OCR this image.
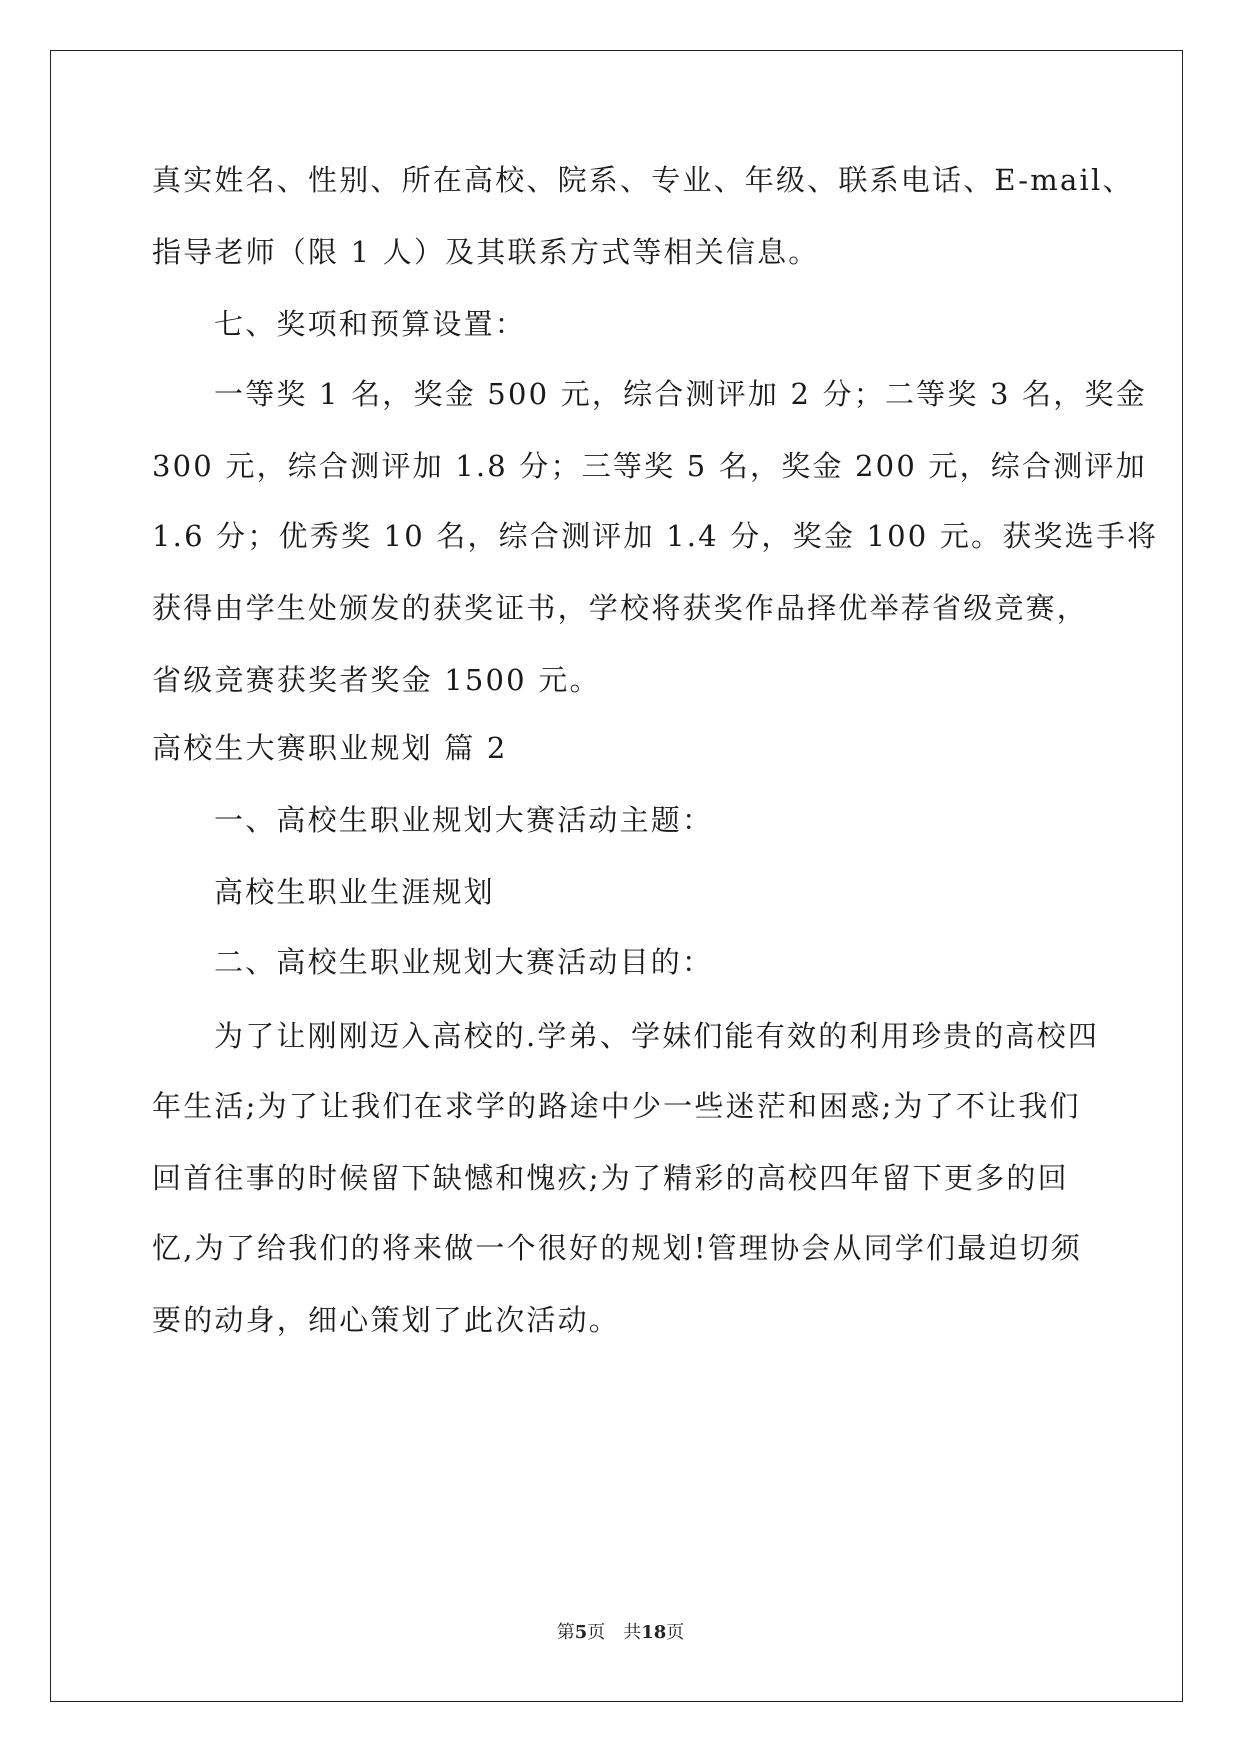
真实姓名、性别、所在高校、院系、专业、年级、联系电话、E-mail、
指导老师（限 1 人）及其联系方式等相关信息。
七、奖项和预算设置：
一等奖 1 名，奖金 500 元，综合测评加 2 分；二等奖 3 名，奖金
300 元，综合测评加 1.8 分；三等奖 5 名，奖金 200 元，综合测评加
1.6 分；优秀奖 10 名，综合测评加 1.4 分，奖金 100 元。获奖选手将
获得由学生处颁发的获奖证书，学校将获奖作品择优举荐省级竞赛，
省级竞赛获奖者奖金 1500 元。
高校生大赛职业规划 篇 2
一、高校生职业规划大赛活动主题：
高校生职业生涯规划
二、高校生职业规划大赛活动目的：
为了让刚刚迈入高校的.学弟、学妹们能有效的利用珍贵的高校四
年生活;为了让我们在求学的路途中少一些迷茫和困惑;为了不让我们
回首往事的时候留下缺憾和愧疚;为了精彩的高校四年留下更多的回
忆,为了给我们的将来做一个很好的规划!管理协会从同学们最迫切须
要的动身，细心策划了此次活动。
第5页　共18页
